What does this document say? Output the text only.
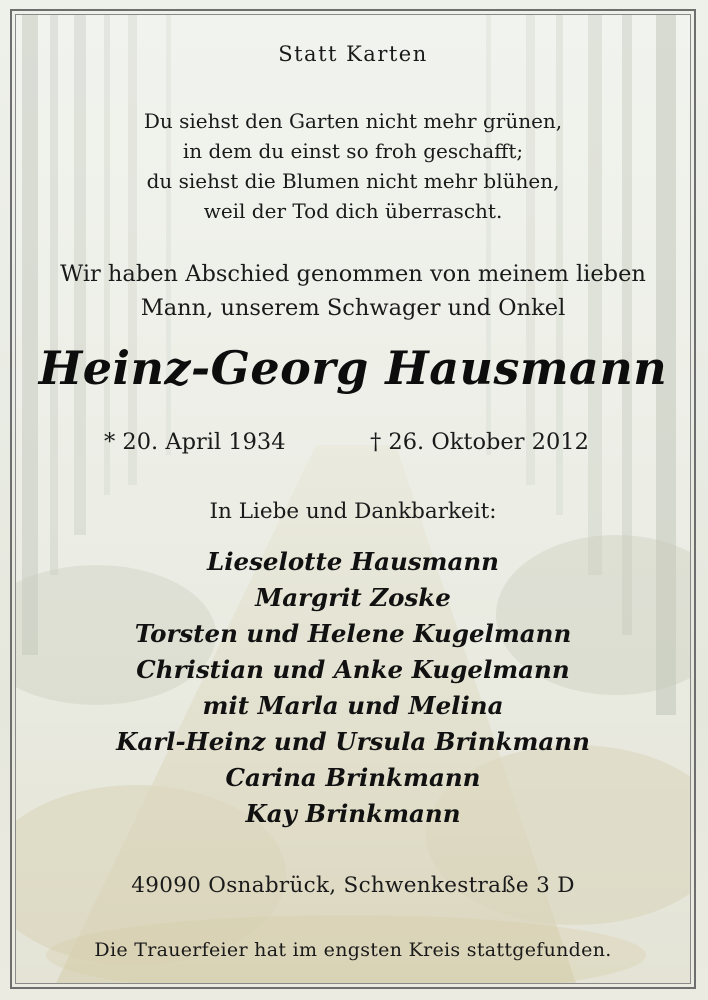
Statt Karten
Du siehst den Garten nicht mehr grünen,
in dem du einst so froh geschafft;
du siehst die Blumen nicht mehr blühen,
weil der Tod dich überrascht.
Wir haben Abschied genommen von meinem lieben
Mann, unserem Schwager und Onkel
Heinz-Georg Hausmann
* 20. April 1934	† 26. Oktober 2012
In Liebe und Dankbarkeit:
Lieselotte Hausmann
Margrit Zoske
Torsten und Helene Kugelmann
Christian und Anke Kugelmann
mit Marla und Melina
Karl-Heinz und Ursula Brinkmann
Carina Brinkmann
Kay Brinkmann
49090 Osnabrück, Schwenkestraße 3 D
Die Trauerfeier hat im engsten Kreis stattgefunden.
